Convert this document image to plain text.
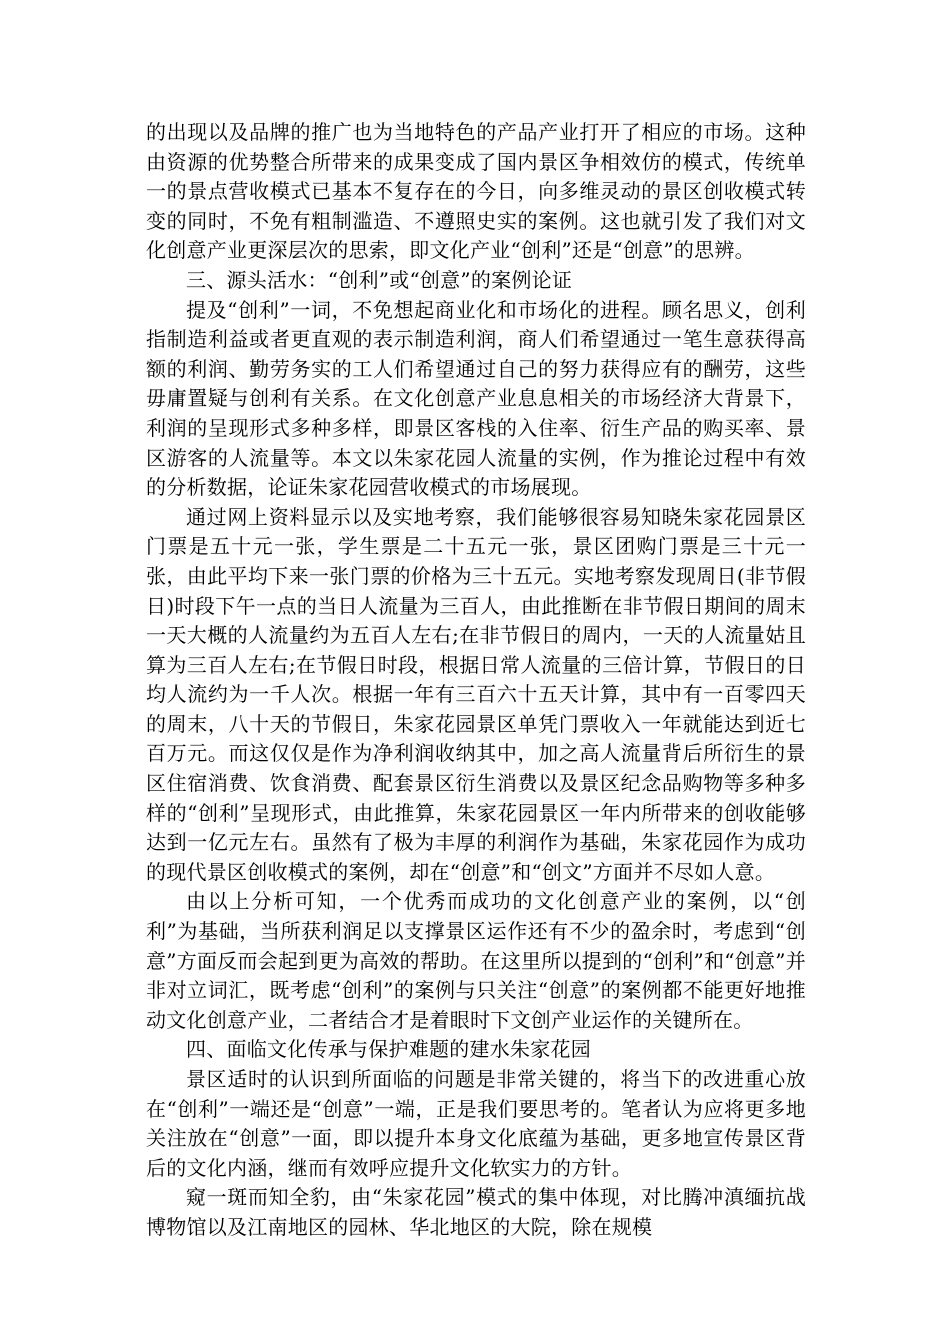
的出现以及品牌的推广也为当地特色的产品产业打开了相应的市场。这种由资源的优势整合所带来的成果变成了国内景区争相效仿的模式，传统单一的景点营收模式已基本不复存在的今日，向多维灵动的景区创收模式转变的同时，不免有粗制滥造、不遵照史实的案例。这也就引发了我们对文化创意产业更深层次的思索，即文化产业“创利”还是“创意”的思辨。

三、源头活水：“创利”或“创意”的案例论证

提及“创利”一词，不免想起商业化和市场化的进程。顾名思义，创利指制造利益或者更直观的表示制造利润，商人们希望通过一笔生意获得高额的利润、勤劳务实的工人们希望通过自己的努力获得应有的酬劳，这些毋庸置疑与创利有关系。在文化创意产业息息相关的市场经济大背景下，利润的呈现形式多种多样，即景区客栈的入住率、衍生产品的购买率、景区游客的人流量等。本文以朱家花园人流量的实例，作为推论过程中有效的分析数据，论证朱家花园营收模式的市场展现。

通过网上资料显示以及实地考察，我们能够很容易知晓朱家花园景区门票是五十元一张，学生票是二十五元一张，景区团购门票是三十元一张，由此平均下来一张门票的价格为三十五元。实地考察发现周日(非节假日)时段下午一点的当日人流量为三百人，由此推断在非节假日期间的周末一天大概的人流量约为五百人左右;在非节假日的周内，一天的人流量姑且算为三百人左右;在节假日时段，根据日常人流量的三倍计算，节假日的日均人流约为一千人次。根据一年有三百六十五天计算，其中有一百零四天的周末，八十天的节假日，朱家花园景区单凭门票收入一年就能达到近七百万元。而这仅仅是作为净利润收纳其中，加之高人流量背后所衍生的景区住宿消费、饮食消费、配套景区衍生消费以及景区纪念品购物等多种多样的“创利”呈现形式，由此推算，朱家花园景区一年内所带来的创收能够达到一亿元左右。虽然有了极为丰厚的利润作为基础，朱家花园作为成功的现代景区创收模式的案例，却在“创意”和“创文”方面并不尽如人意。

由以上分析可知，一个优秀而成功的文化创意产业的案例，以“创利”为基础，当所获利润足以支撑景区运作还有不少的盈余时，考虑到“创意”方面反而会起到更为高效的帮助。在这里所以提到的“创利”和“创意”并非对立词汇，既考虑“创利”的案例与只关注“创意”的案例都不能更好地推动文化创意产业，二者结合才是着眼时下文创产业运作的关键所在。

四、面临文化传承与保护难题的建水朱家花园

景区适时的认识到所面临的问题是非常关键的，将当下的改进重心放在“创利”一端还是“创意”一端，正是我们要思考的。笔者认为应将更多地关注放在“创意”一面，即以提升本身文化底蕴为基础，更多地宣传景区背后的文化内涵，继而有效呼应提升文化软实力的方针。

窥一斑而知全豹，由“朱家花园”模式的集中体现，对比腾冲滇缅抗战博物馆以及江南地区的园林、华北地区的大院，除在规模
